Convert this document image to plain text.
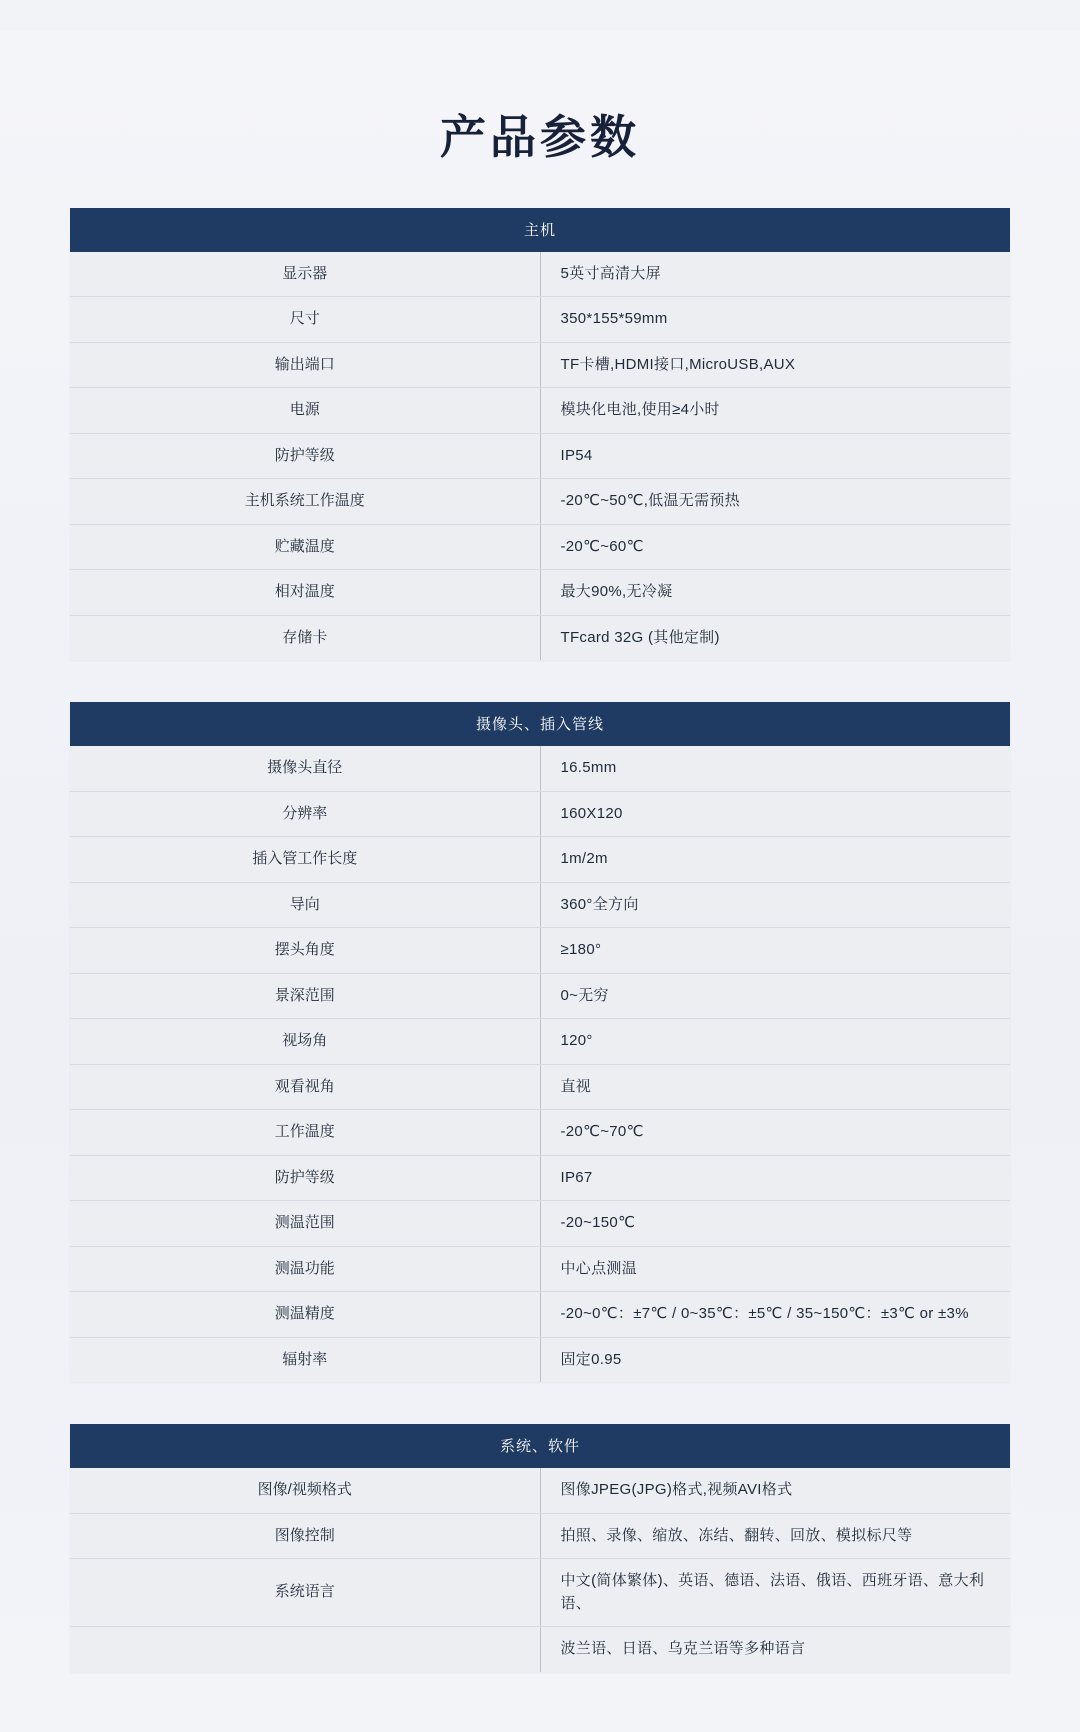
产品参数
主机	
显示器	5英寸高清大屏
尺寸	350*155*59mm
输出端口	TF卡槽,HDMI接口,MicroUSB,AUX
电源	模块化电池,使用≥4小时
防护等级	IP54
主机系统工作温度	-20℃~50℃,低温无需预热
贮藏温度	-20℃~60℃
相对温度	最大90%,无冷凝
存储卡	TFcard 32G (其他定制)
摄像头、插入管线	
摄像头直径	16.5mm
分辨率	160X120
插入管工作长度	1m/2m
导向	360°全方向
摆头角度	≥180°
景深范围	0~无穷
视场角	120°
观看视角	直视
工作温度	-20℃~70℃
防护等级	IP67
测温范围	-20~150℃
测温功能	中心点测温
测温精度	-20~0℃：±7℃ / 0~35℃：±5℃ / 35~150℃：±3℃ or ±3%
辐射率	固定0.95
系统、软件	
图像/视频格式	图像JPEG(JPG)格式,视频AVI格式
图像控制	拍照、录像、缩放、冻结、翻转、回放、模拟标尺等
系统语言	中文(简体繁体)、英语、德语、法语、俄语、西班牙语、意大利语、
	波兰语、日语、乌克兰语等多种语言
